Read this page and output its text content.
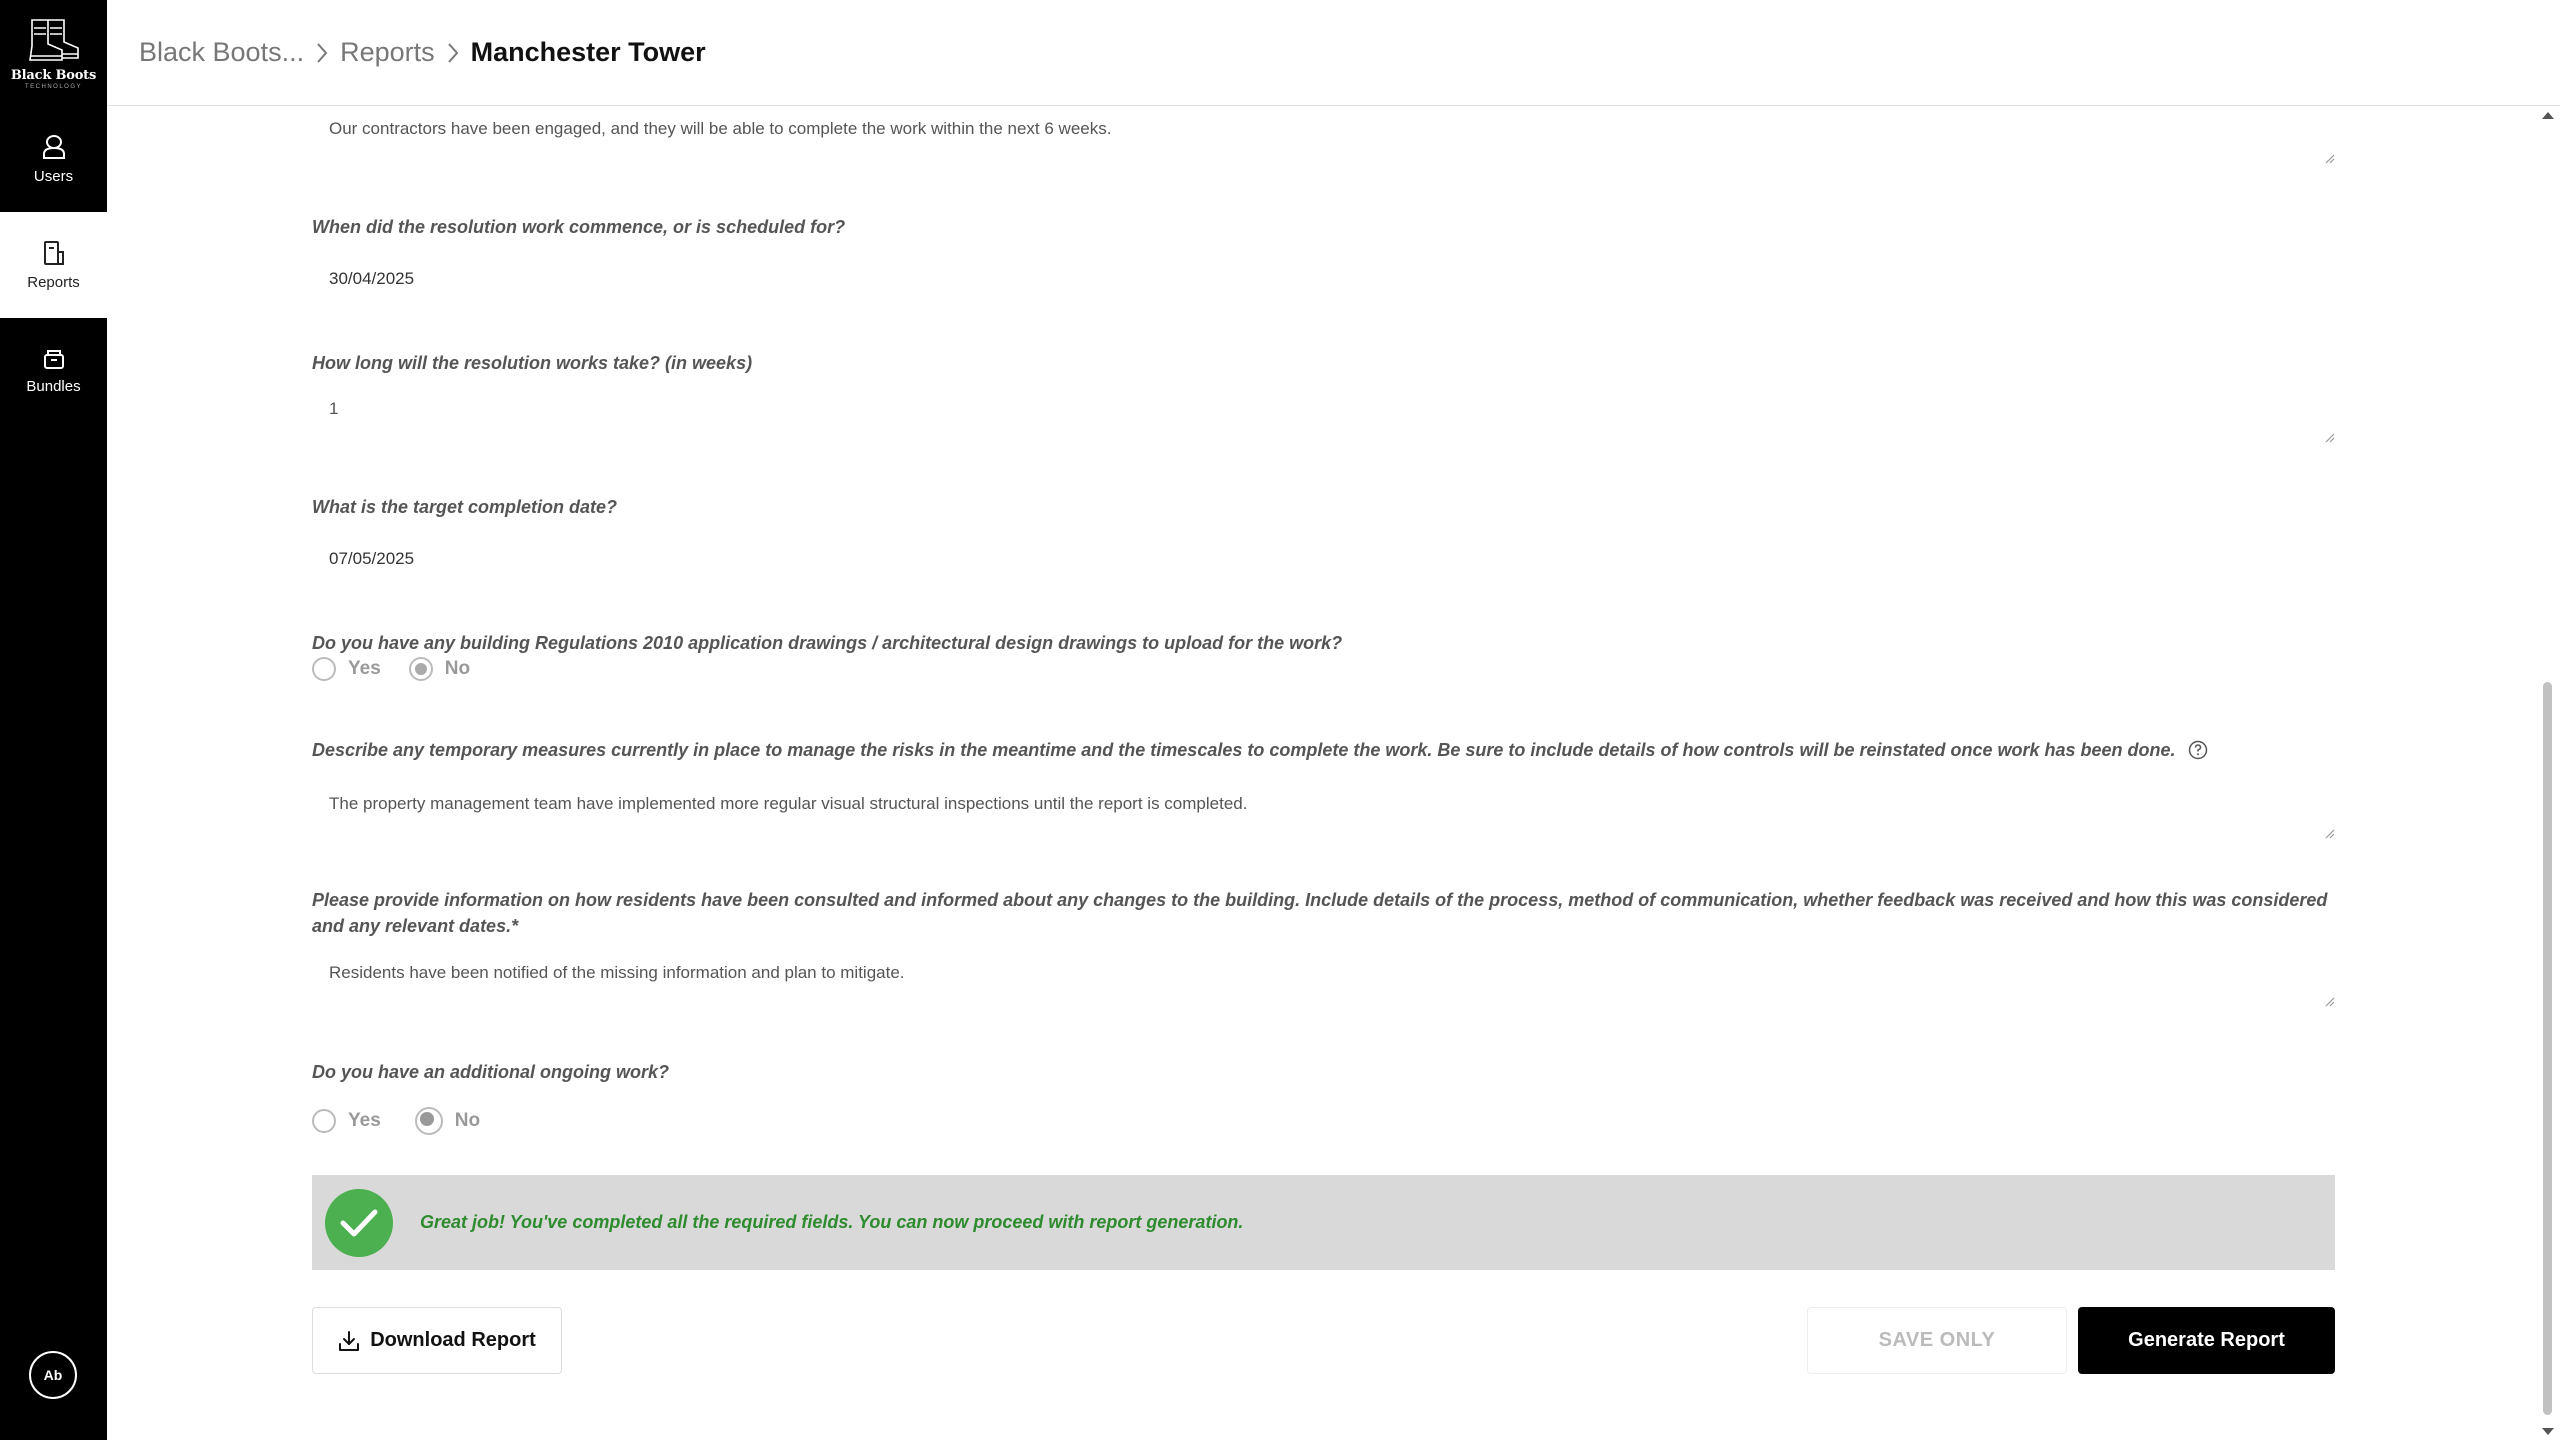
Black Boots
TECHNOLOGY
Users
Reports
Bundles
Ab
Black Boots... Reports Manchester Tower
Our contractors have been engaged, and they will be able to complete the work within the next 6 weeks.
When did the resolution work commence, or is scheduled for?
30/04/2025
How long will the resolution works take? (in weeks)
1
What is the target completion date?
07/05/2025
Do you have any building Regulations 2010 application drawings / architectural design drawings to upload for the work?
Yes	No
Describe any temporary measures currently in place to manage the risks in the meantime and the timescales to complete the work. Be sure to include details of how controls will be reinstated once work has been done.
The property management team have implemented more regular visual structural inspections until the report is completed.
Please provide information on how residents have been consulted and informed about any changes to the building. Include details of the process, method of communication, whether feedback was received and how this was considered and any relevant dates.*
Residents have been notified of the missing information and plan to mitigate.
Do you have an additional ongoing work?
Yes	No
Great job! You've completed all the required fields. You can now proceed with report generation.
Download Report	SAVE ONLY	Generate Report
